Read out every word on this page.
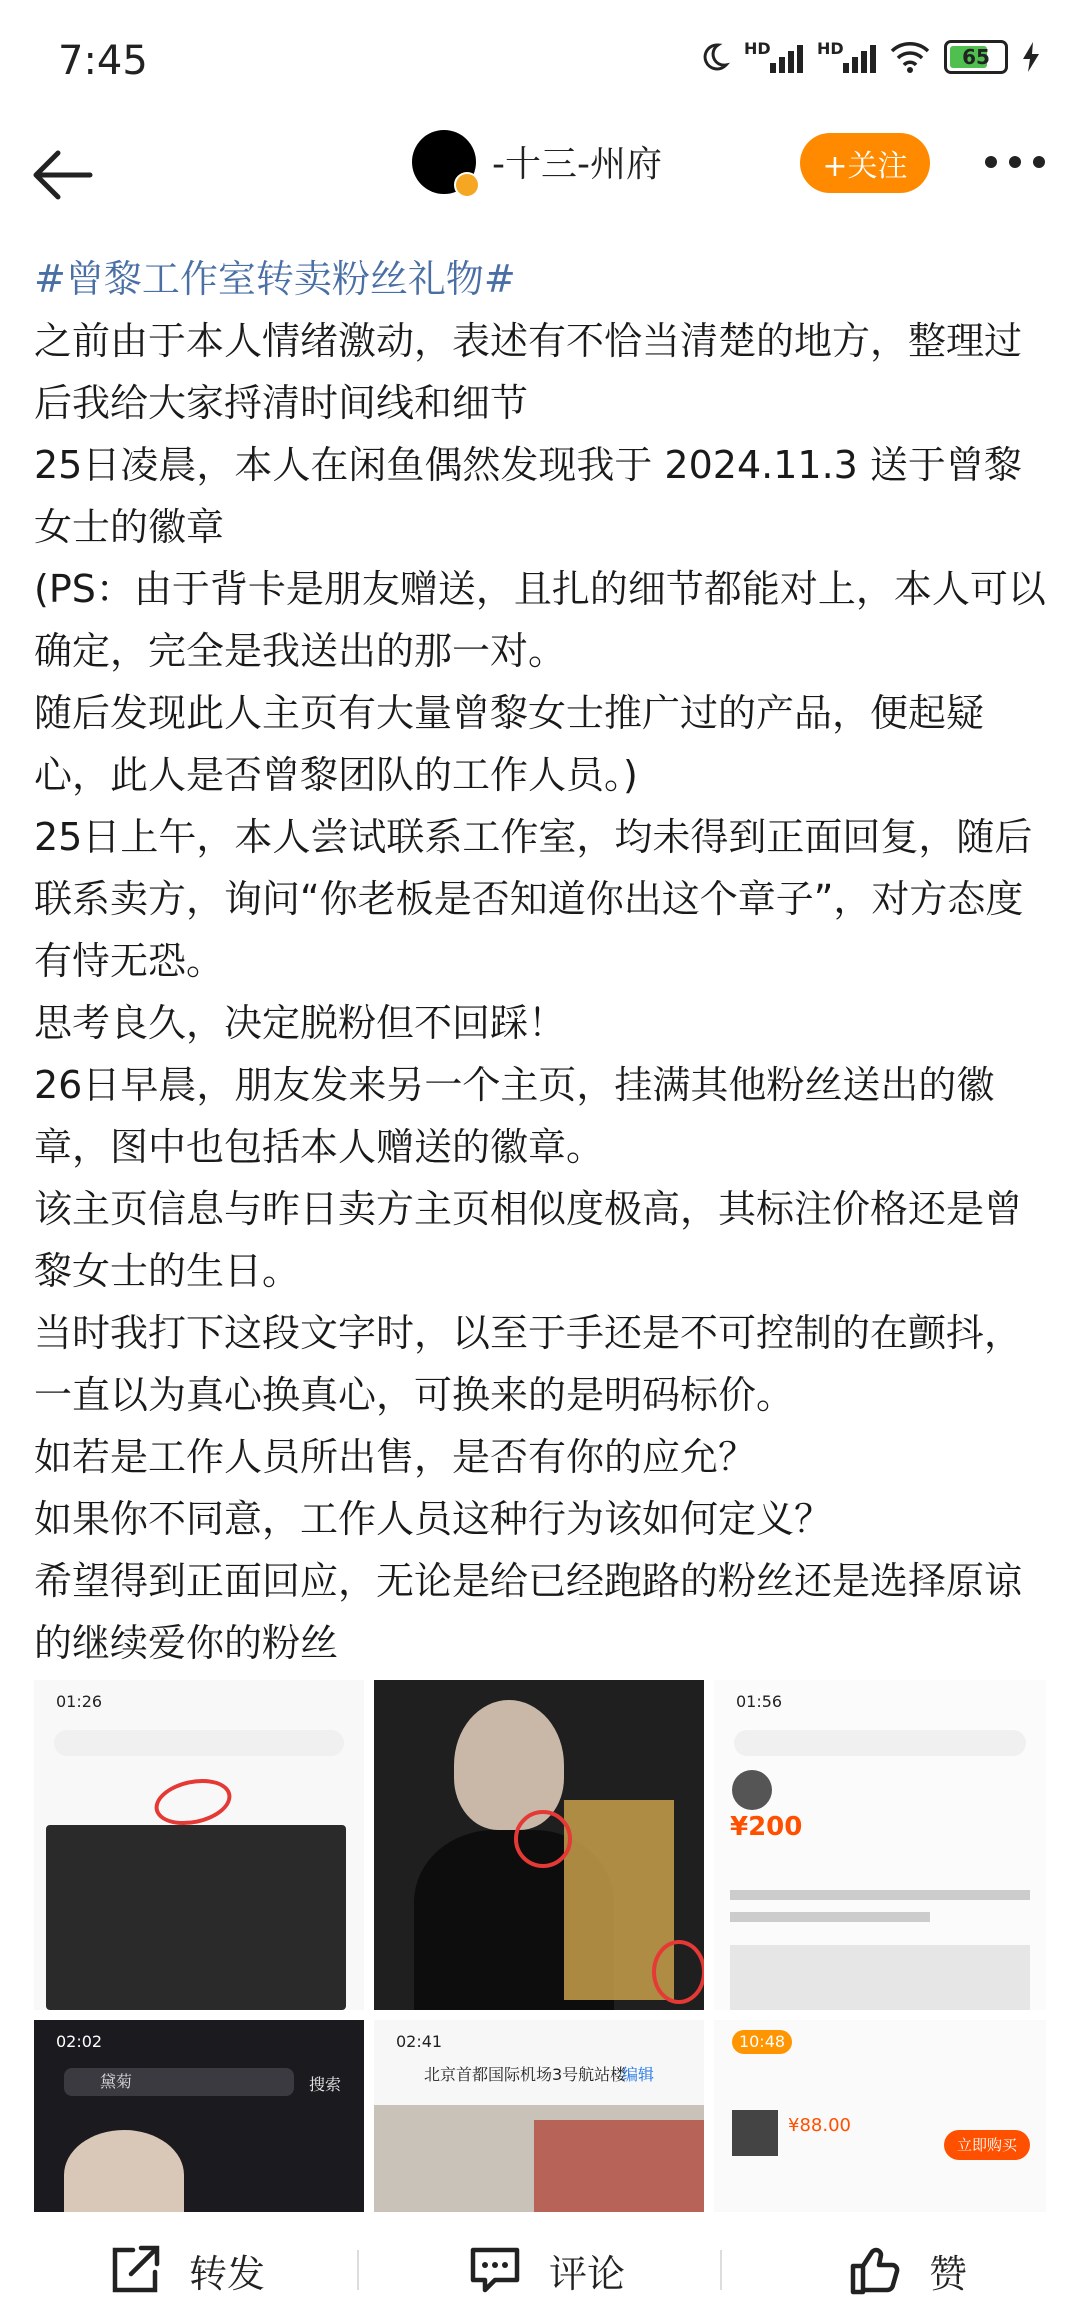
7:45	HD	HD	65
-十三-州府	+关注

#曾黎工作室转卖粉丝礼物#

之前由于本人情绪激动，表述有不恰当清楚的地方，整理过后我给大家捋清时间线和细节

25日凌晨，本人在闲鱼偶然发现我于 2024.11.3 送于曾黎女士的徽章

(PS：由于背卡是朋友赠送，且扎的细节都能对上，本人可以确定，完全是我送出的那一对。

随后发现此人主页有大量曾黎女士推广过的产品，便起疑心，此人是否曾黎团队的工作人员。)

25日上午，本人尝试联系工作室，均未得到正面回复，随后联系卖方，询问“你老板是否知道你出这个章子”，对方态度有恃无恐。

思考良久，决定脱粉但不回踩！

26日早晨，朋友发来另一个主页，挂满其他粉丝送出的徽章，图中也包括本人赠送的徽章。

该主页信息与昨日卖方主页相似度极高，其标注价格还是曾黎女士的生日。

当时我打下这段文字时，以至于手还是不可控制的在颤抖，一直以为真心换真心，可换来的是明码标价。

如若是工作人员所出售，是否有你的应允？

如果你不同意，工作人员这种行为该如何定义？

希望得到正面回应，无论是给已经跑路的粉丝还是选择原谅的继续爱你的粉丝

01:26	01:56
¥200
02:02
黛菊	搜索
02:41
北京首都国际机场3号航站楼
编辑
10:48
¥88.00
立即购买
转发	评论	赞
